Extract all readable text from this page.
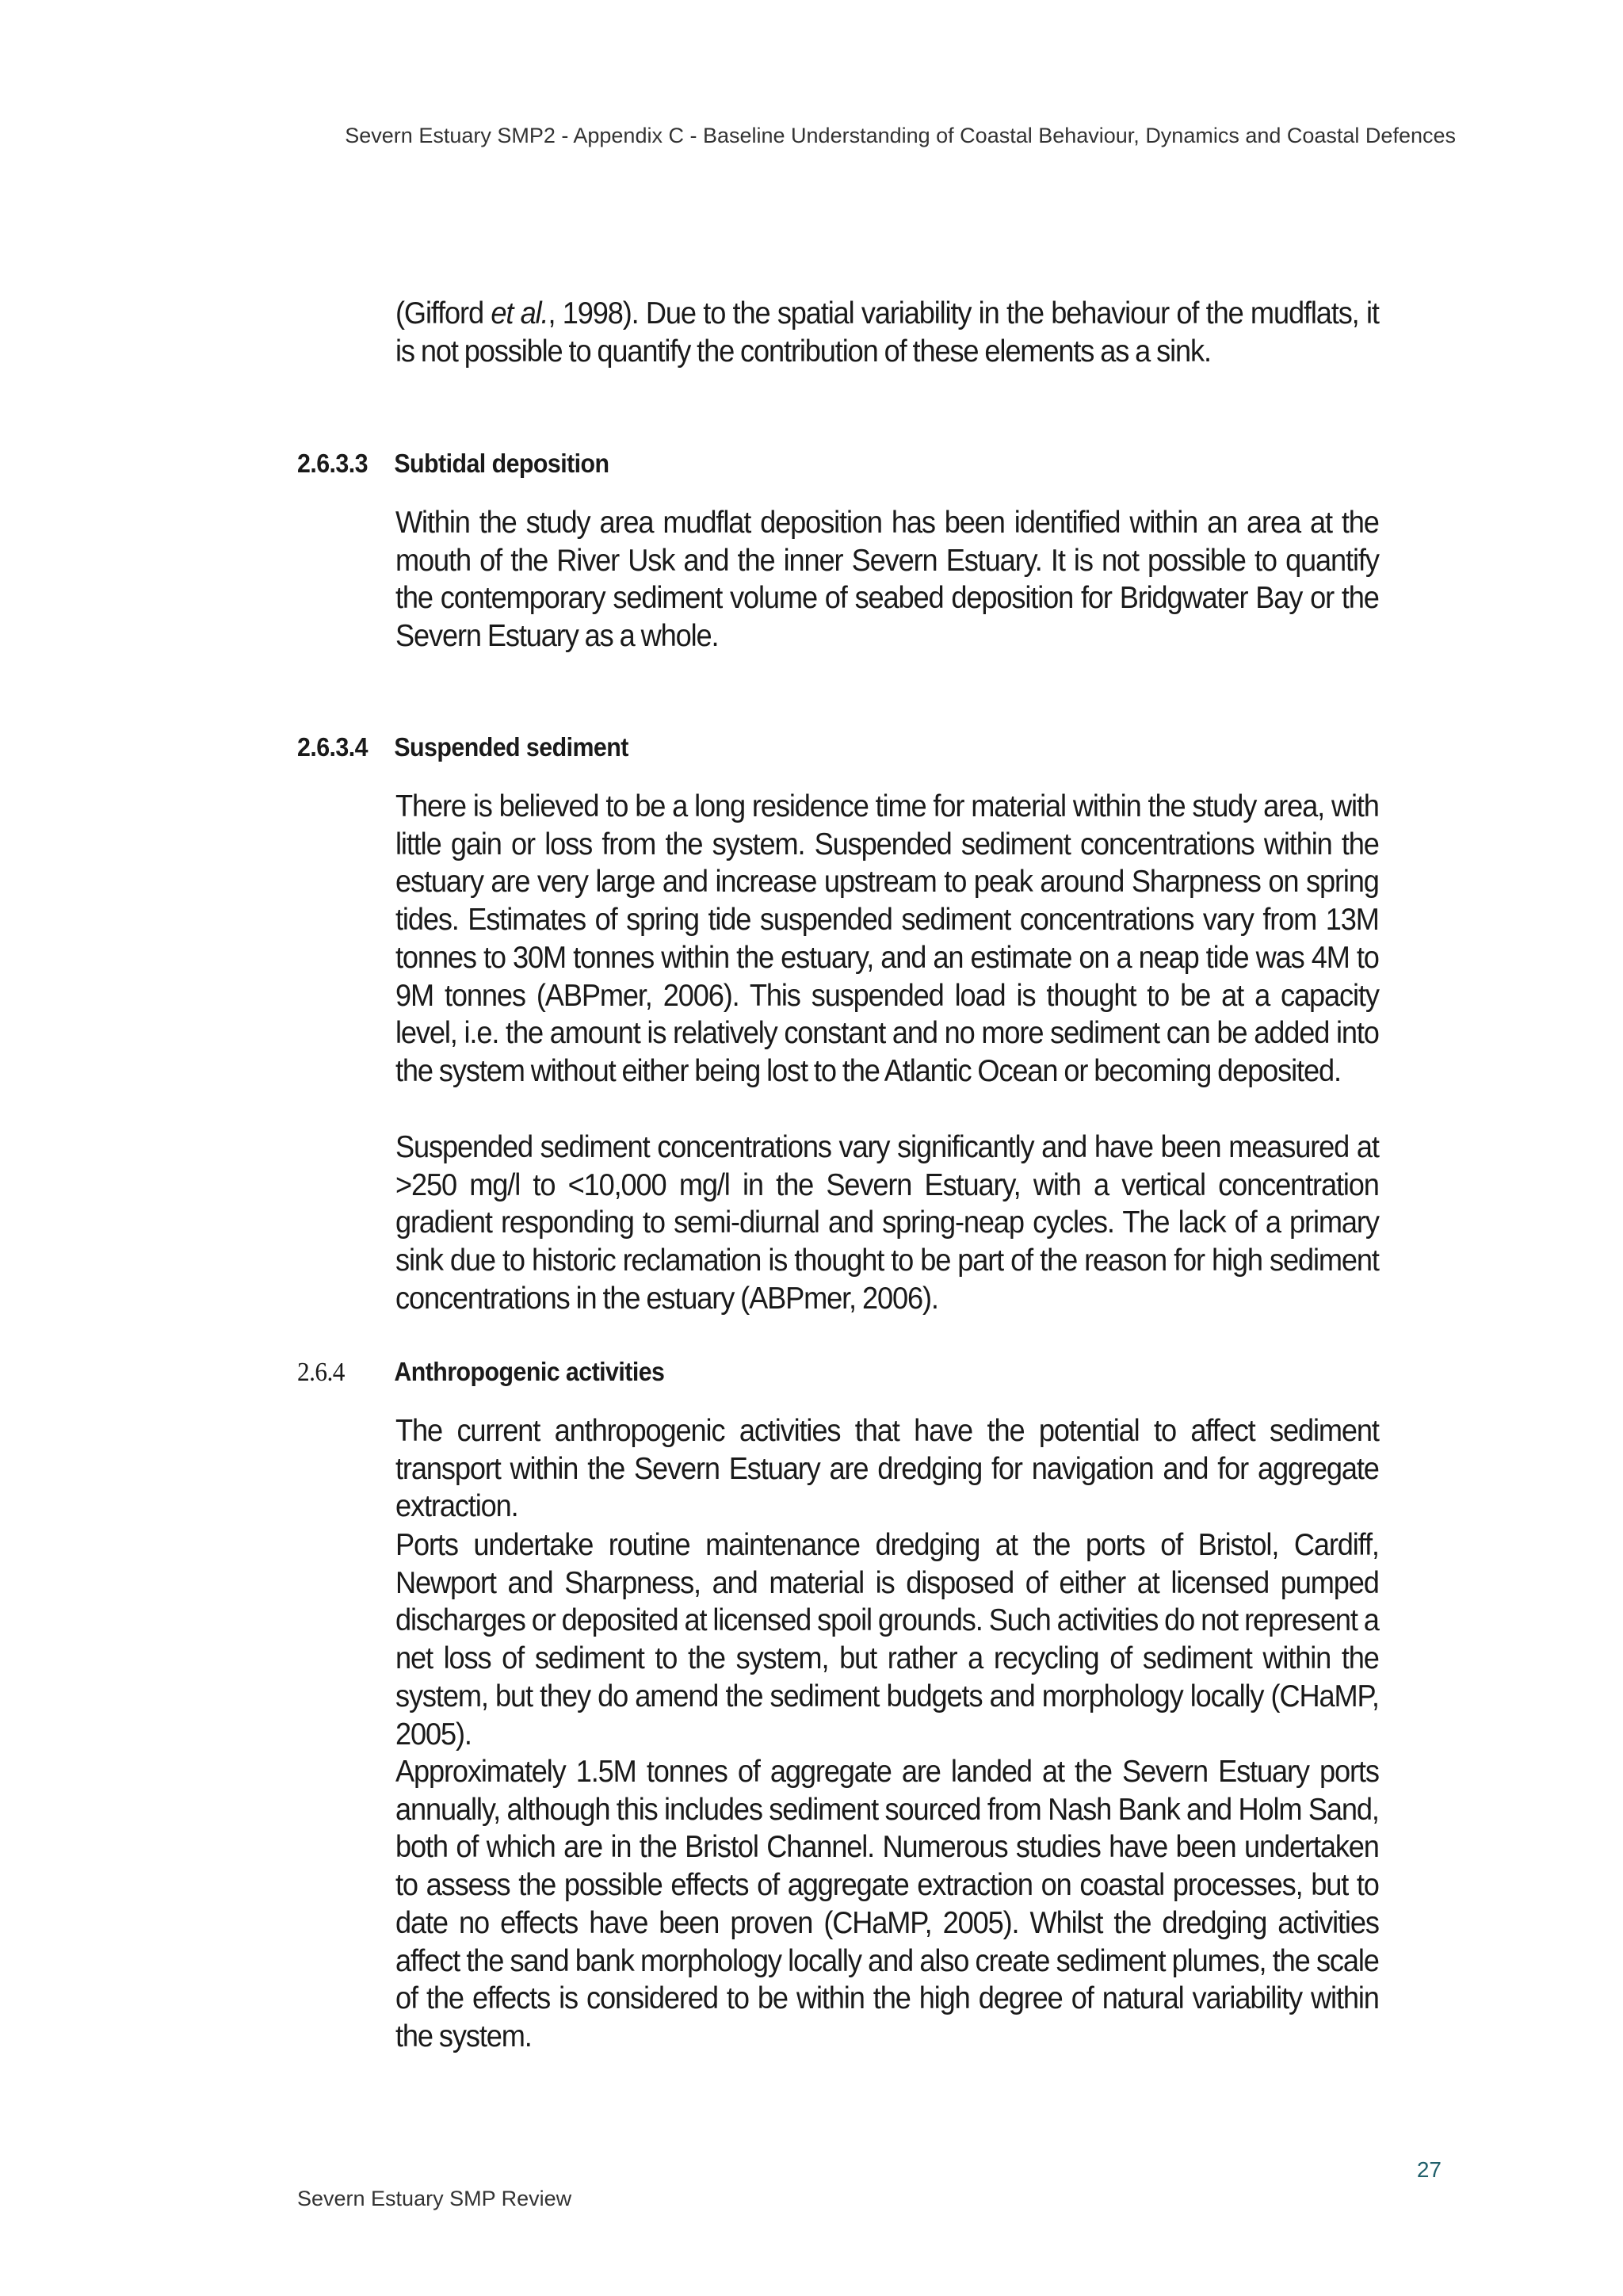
Severn Estuary SMP2 - Appendix C - Baseline Understanding of Coastal Behaviour, Dynamics and Coastal Defences

(Gifford et al., 1998). Due to the spatial variability in the behaviour of the mudflats, it is not possible to quantify the contribution of these elements as a sink.

2.6.3.3 Subtidal deposition

Within the study area mudflat deposition has been identified within an area at the mouth of the River Usk and the inner Severn Estuary. It is not possible to quantify the contemporary sediment volume of seabed deposition for Bridgwater Bay or the Severn Estuary as a whole.

2.6.3.4 Suspended sediment

There is believed to be a long residence time for material within the study area, with little gain or loss from the system. Suspended sediment concentrations within the estuary are very large and increase upstream to peak around Sharpness on spring tides. Estimates of spring tide suspended sediment concentrations vary from 13M tonnes to 30M tonnes within the estuary, and an estimate on a neap tide was 4M to 9M tonnes (ABPmer, 2006). This suspended load is thought to be at a capacity level, i.e. the amount is relatively constant and no more sediment can be added into the system without either being lost to the Atlantic Ocean or becoming deposited.

Suspended sediment concentrations vary significantly and have been measured at >250 mg/l to <10,000 mg/l in the Severn Estuary, with a vertical concentration gradient responding to semi-diurnal and spring-neap cycles. The lack of a primary sink due to historic reclamation is thought to be part of the reason for high sediment concentrations in the estuary (ABPmer, 2006).

2.6.4 Anthropogenic activities

The current anthropogenic activities that have the potential to affect sediment transport within the Severn Estuary are dredging for navigation and for aggregate extraction.

Ports undertake routine maintenance dredging at the ports of Bristol, Cardiff, Newport and Sharpness, and material is disposed of either at licensed pumped discharges or deposited at licensed spoil grounds. Such activities do not represent a net loss of sediment to the system, but rather a recycling of sediment within the system, but they do amend the sediment budgets and morphology locally (CHaMP, 2005).

Approximately 1.5M tonnes of aggregate are landed at the Severn Estuary ports annually, although this includes sediment sourced from Nash Bank and Holm Sand, both of which are in the Bristol Channel. Numerous studies have been undertaken to assess the possible effects of aggregate extraction on coastal processes, but to date no effects have been proven (CHaMP, 2005). Whilst the dredging activities affect the sand bank morphology locally and also create sediment plumes, the scale of the effects is considered to be within the high degree of natural variability within the system.

27
Severn Estuary SMP Review
